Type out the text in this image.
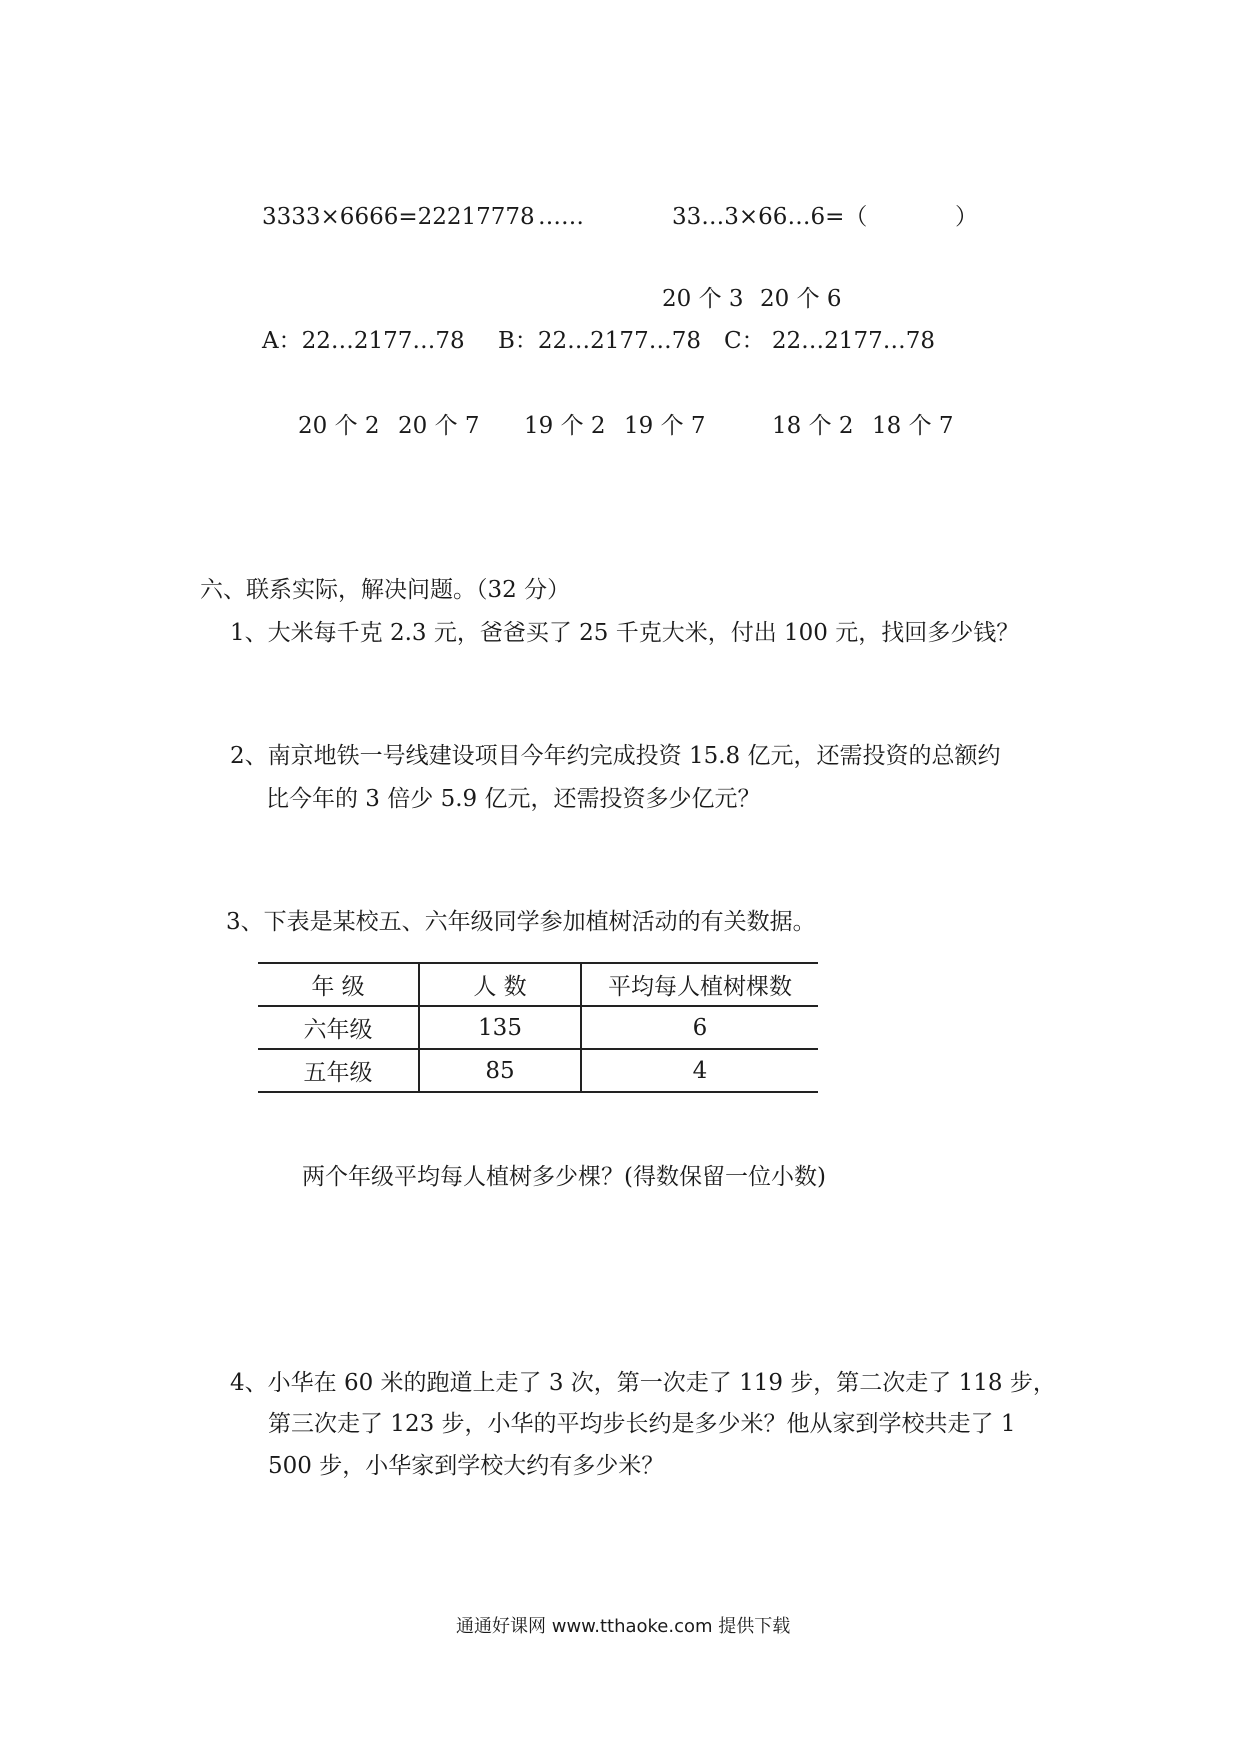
3333×6666=22217778 ……	33…3×66…6=（	）
20 个 3 20 个 6
A：22…2177…78 B：22…2177…78 C： 22…2177…78
20 个 2 20 个 7 19 个 2 19 个 7	18 个 2 18 个 7
六、联系实际，解决问题。（32 分）
1、大米每千克 2.3 元，爸爸买了 25 千克大米，付出 100 元，找回多少钱？
2、南京地铁一号线建设项目今年约完成投资 15.8 亿元，还需投资的总额约
比今年的 3 倍少 5.9 亿元，还需投资多少亿元？
3、下表是某校五、六年级同学参加植树活动的有关数据。
年 级	人 数	平均每人植树棵数
六年级	135	6
五年级	85	4
两个年级平均每人植树多少棵？(得数保留一位小数)
4、小华在 60 米的跑道上走了 3 次，第一次走了 119 步，第二次走了 118 步，
第三次走了 123 步，小华的平均步长约是多少米？他从家到学校共走了 1
500 步，小华家到学校大约有多少米？
通通好课网 www.tthaoke.com 提供下载
